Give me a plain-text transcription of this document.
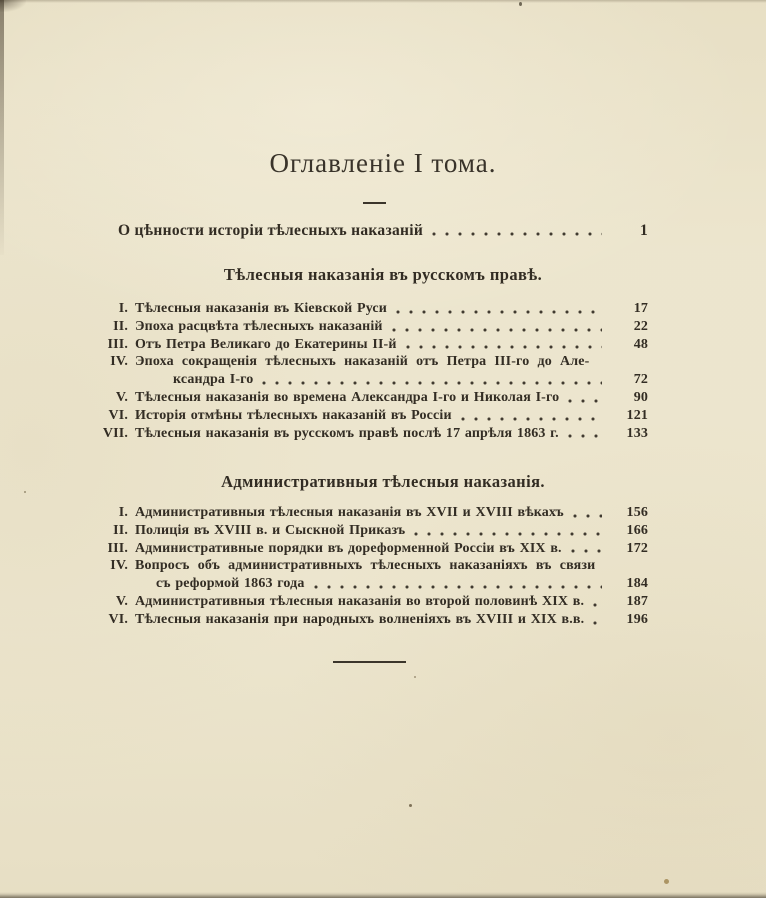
Оглавленіе I тома.
О цѣнности исторіи тѣлесныхъ наказаній	1
Тѣлесныя наказанія въ русскомъ правѣ.
I. Тѣлесныя наказанія въ Кіевской Руси	17
II. Эпоха расцвѣта тѣлесныхъ наказаній	22
III. Отъ Петра Великаго до Екатерины II-й	48
IV. Эпоха сокращенія тѣлесныхъ наказаній отъ Петра III-го до Але-
ксандра I-го	72
V. Тѣлесныя наказанія во времена Александра I-го и Николая I-го	90
VI. Исторія отмѣны тѣлесныхъ наказаній въ Россіи	121
VII. Тѣлесныя наказанія въ русскомъ правѣ послѣ 17 апрѣля 1863 г.	133
Административныя тѣлесныя наказанія.
I. Административныя тѣлесныя наказанія въ XVII и XVIII вѣкахъ	156
II. Полиція въ XVIII в. и Сыскной Приказъ	166
III. Административные порядки въ дореформенной Россіи въ XIX в.	172
IV. Вопросъ объ административныхъ тѣлесныхъ наказаніяхъ въ связи
съ реформой 1863 года	184
V. Административныя тѣлесныя наказанія во второй половинѣ XIX в.	187
VI. Тѣлесныя наказанія при народныхъ волненіяхъ въ XVIII и XIX в.в.	196
